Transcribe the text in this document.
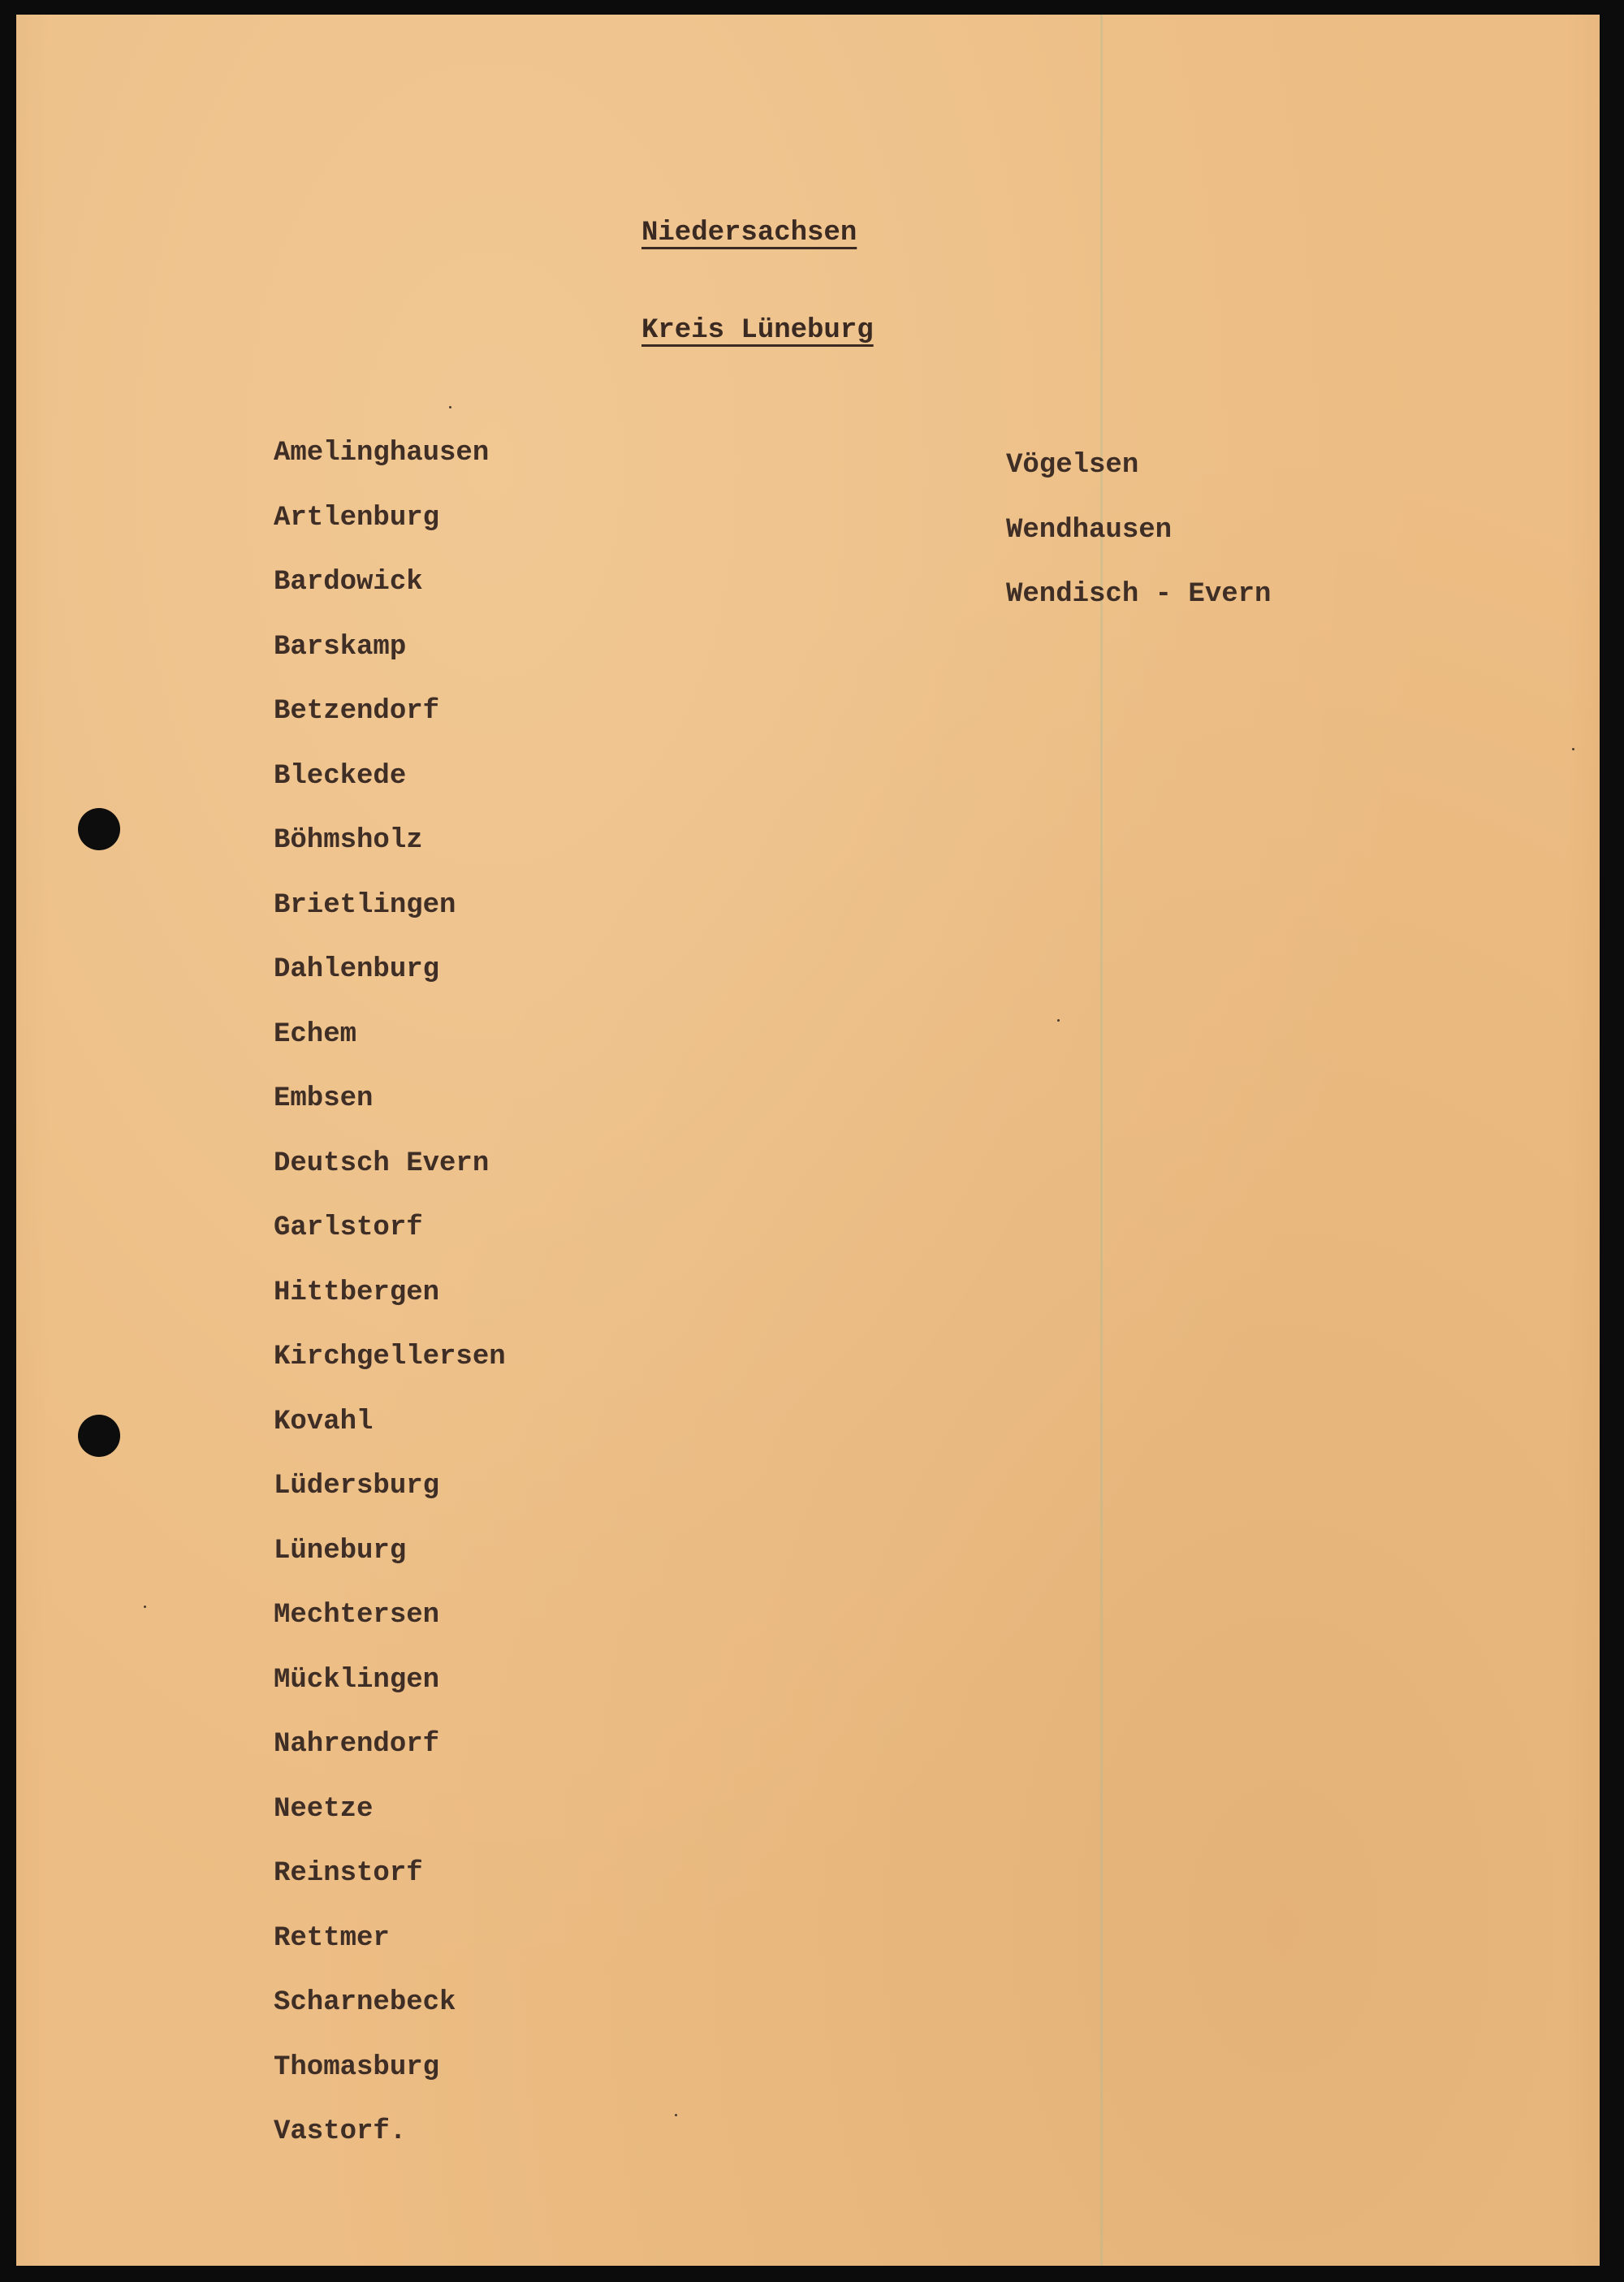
Niedersachsen
Kreis Lüneburg
Amelinghausen
Artlenburg
Bardowick
Barskamp
Betzendorf
Bleckede
Böhmsholz
Brietlingen
Dahlenburg
Echem
Embsen
Deutsch Evern
Garlstorf
Hittbergen
Kirchgellersen
Kovahl
Lüdersburg
Lüneburg
Mechtersen
Mücklingen
Nahrendorf
Neetze
Reinstorf
Rettmer
Scharnebeck
Thomasburg
Vastorf.
Vögelsen
Wendhausen
Wendisch - Evern
